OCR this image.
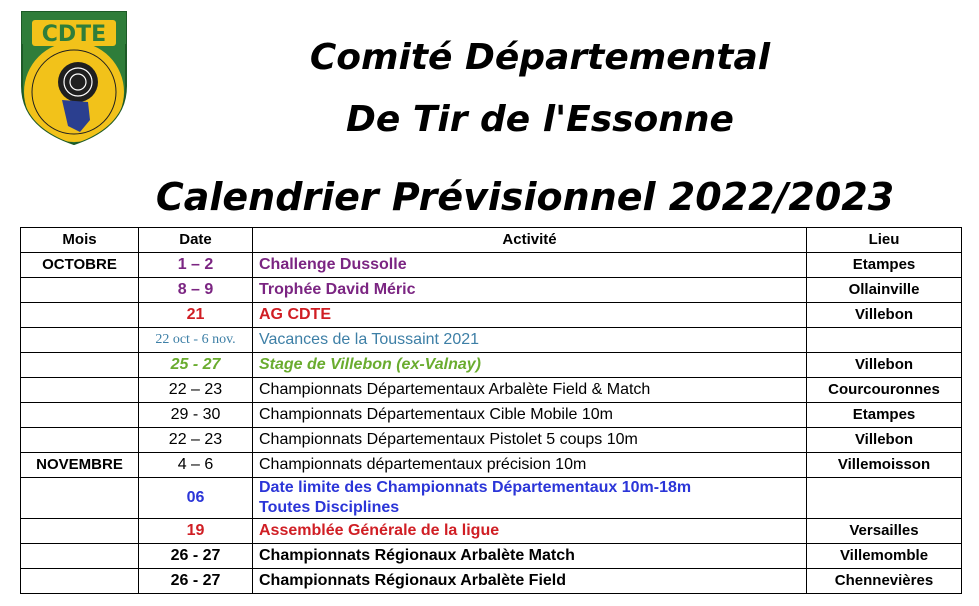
CDTE
Comité Départemental
De Tir de l'Essonne
Calendrier Prévisionnel 2022/2023
Mois	Date	Activité	Lieu
OCTOBRE	1 – 2	Challenge Dussolle	Etampes
	8 – 9	Trophée David Méric	Ollainville
	21	AG CDTE	Villebon
	22 oct - 6 nov.	Vacances de la Toussaint 2021	
	25 - 27	Stage de Villebon (ex-Valnay)	Villebon
	22 – 23	Championnats Départementaux Arbalète Field & Match	Courcouronnes
	29 - 30	Championnats Départementaux Cible Mobile 10m	Etampes
	22 – 23	Championnats Départementaux Pistolet 5 coups 10m	Villebon
NOVEMBRE	4 – 6	Championnats départementaux précision 10m	Villemoisson
	06	Date limite des Championnats Départementaux 10m-18m
Toutes Disciplines	

	19	Assemblée Générale de la ligue	Versailles
	26 - 27	Championnats Régionaux Arbalète Match	Villemomble
	26 - 27	Championnats Régionaux Arbalète Field	Chennevières
